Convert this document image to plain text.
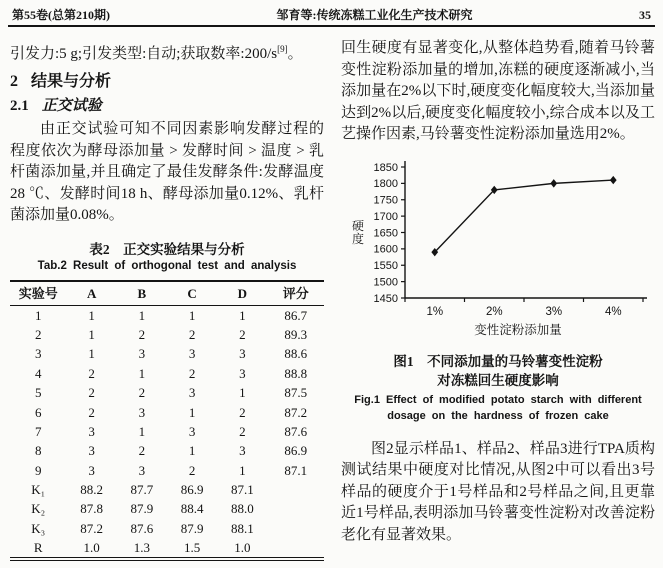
第55卷(总第210期)	邹育等:传统冻糕工业化生产技术研究	35

引发力:5 g;引发类型:自动;获取数率:200/s[9]。

2 结果与分析
2.1 正交试验

由正交试验可知不同因素影响发酵过程的程度依次为酵母添加量 > 发酵时间 > 温度 > 乳杆菌添加量,并且确定了最佳发酵条件:发酵温度28 ℃、发酵时间18 h、酵母添加量0.12%、乳杆菌添加量0.08%。

表2　正交实验结果与分析
Tab.2 Result of orthogonal test and analysis
实验号	A	B	C	D	评分
1	1	1	1	1	86.7
2	1	2	2	2	89.3
3	1	3	3	3	88.6
4	2	1	2	3	88.8
5	2	2	3	1	87.5
6	2	3	1	2	87.2
7	3	1	3	2	87.6
8	3	2	1	3	86.9
9	3	3	2	1	87.1
K₁	88.2	87.7	86.9	87.1	
K₂	87.8	87.9	88.4	88.0	
K₃	87.2	87.6	87.9	88.1	
R	1.0	1.3	1.5	1.0	

回生硬度有显著变化,从整体趋势看,随着马铃薯变性淀粉添加量的增加,冻糕的硬度逐渐减小,当添加量在2%以下时,硬度变化幅度较大,当添加量达到2%以后,硬度变化幅度较小,综合成本以及工艺操作因素,马铃薯变性淀粉添加量选用2%。

1450
1500
1550
1600
1650
1700
1750
1800
1850
硬
度
1%	2%	3%	4%
变性淀粉添加量
图1　不同添加量的马铃薯变性淀粉
对冻糕回生硬度影响
Fig.1 Effect of modified potato starch with different
dosage on the hardness of frozen cake

图2显示样品1、样品2、样品3进行TPA质构测试结果中硬度对比情况,从图2中可以看出3号样品的硬度介于1号样品和2号样品之间,且更靠近1号样品,表明添加马铃薯变性淀粉对改善淀粉老化有显著效果。
